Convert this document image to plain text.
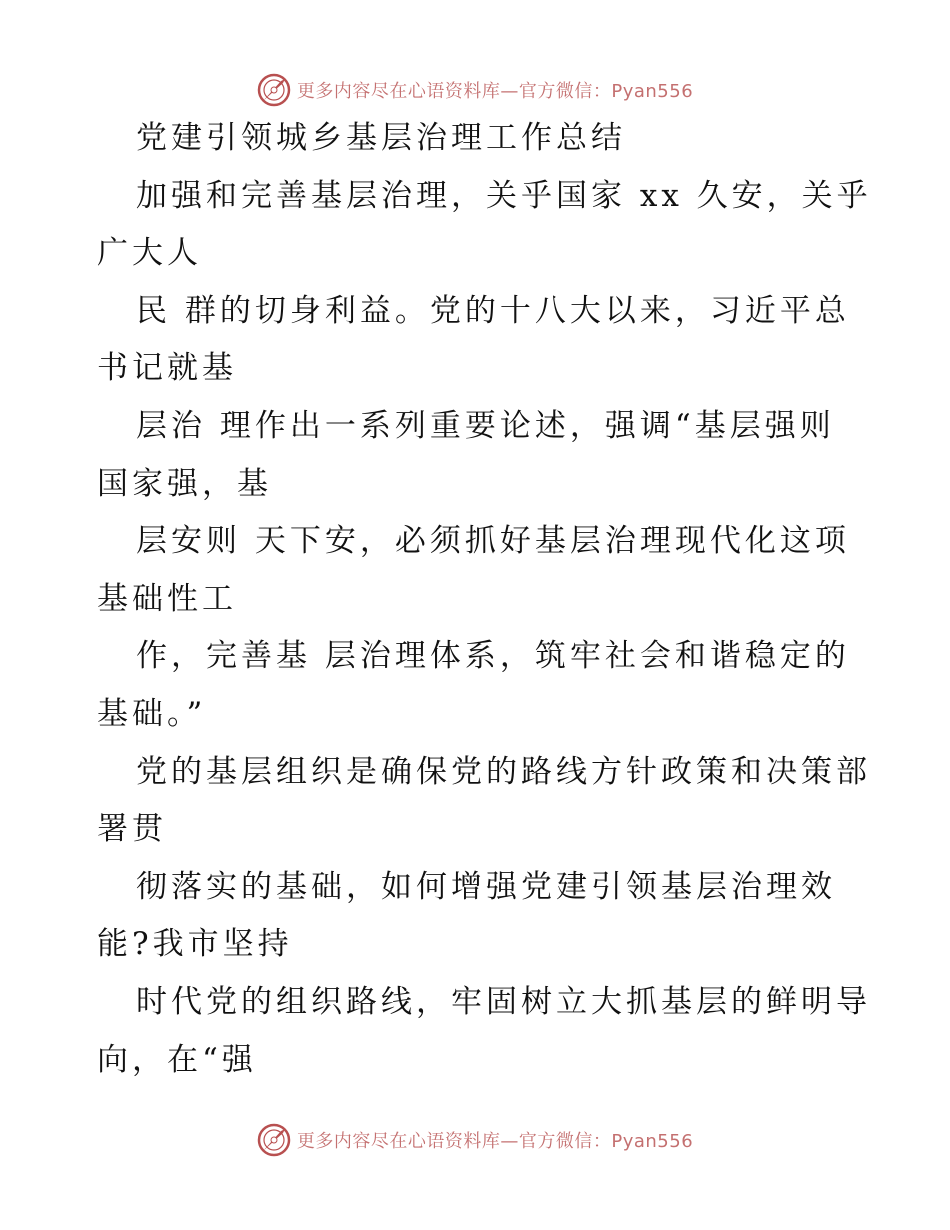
更多内容尽在心语资料库—官方微信：Pyan556
党建引领城乡基层治理工作总结
加强和完善基层治理，关乎国家 xx 久安，关乎
广大人
民 群的切身利益。党的十八大以来，习近平总
书记就基
层治 理作出一系列重要论述，强调“基层强则
国家强，基
层安则 天下安，必须抓好基层治理现代化这项
基础性工
作，完善基 层治理体系，筑牢社会和谐稳定的
基础。”
党的基层组织是确保党的路线方针政策和决策部
署贯
彻落实的基础，如何增强党建引领基层治理效
能?我市坚持
时代党的组织路线，牢固树立大抓基层的鲜明导
向，在“强
更多内容尽在心语资料库—官方微信：Pyan556
